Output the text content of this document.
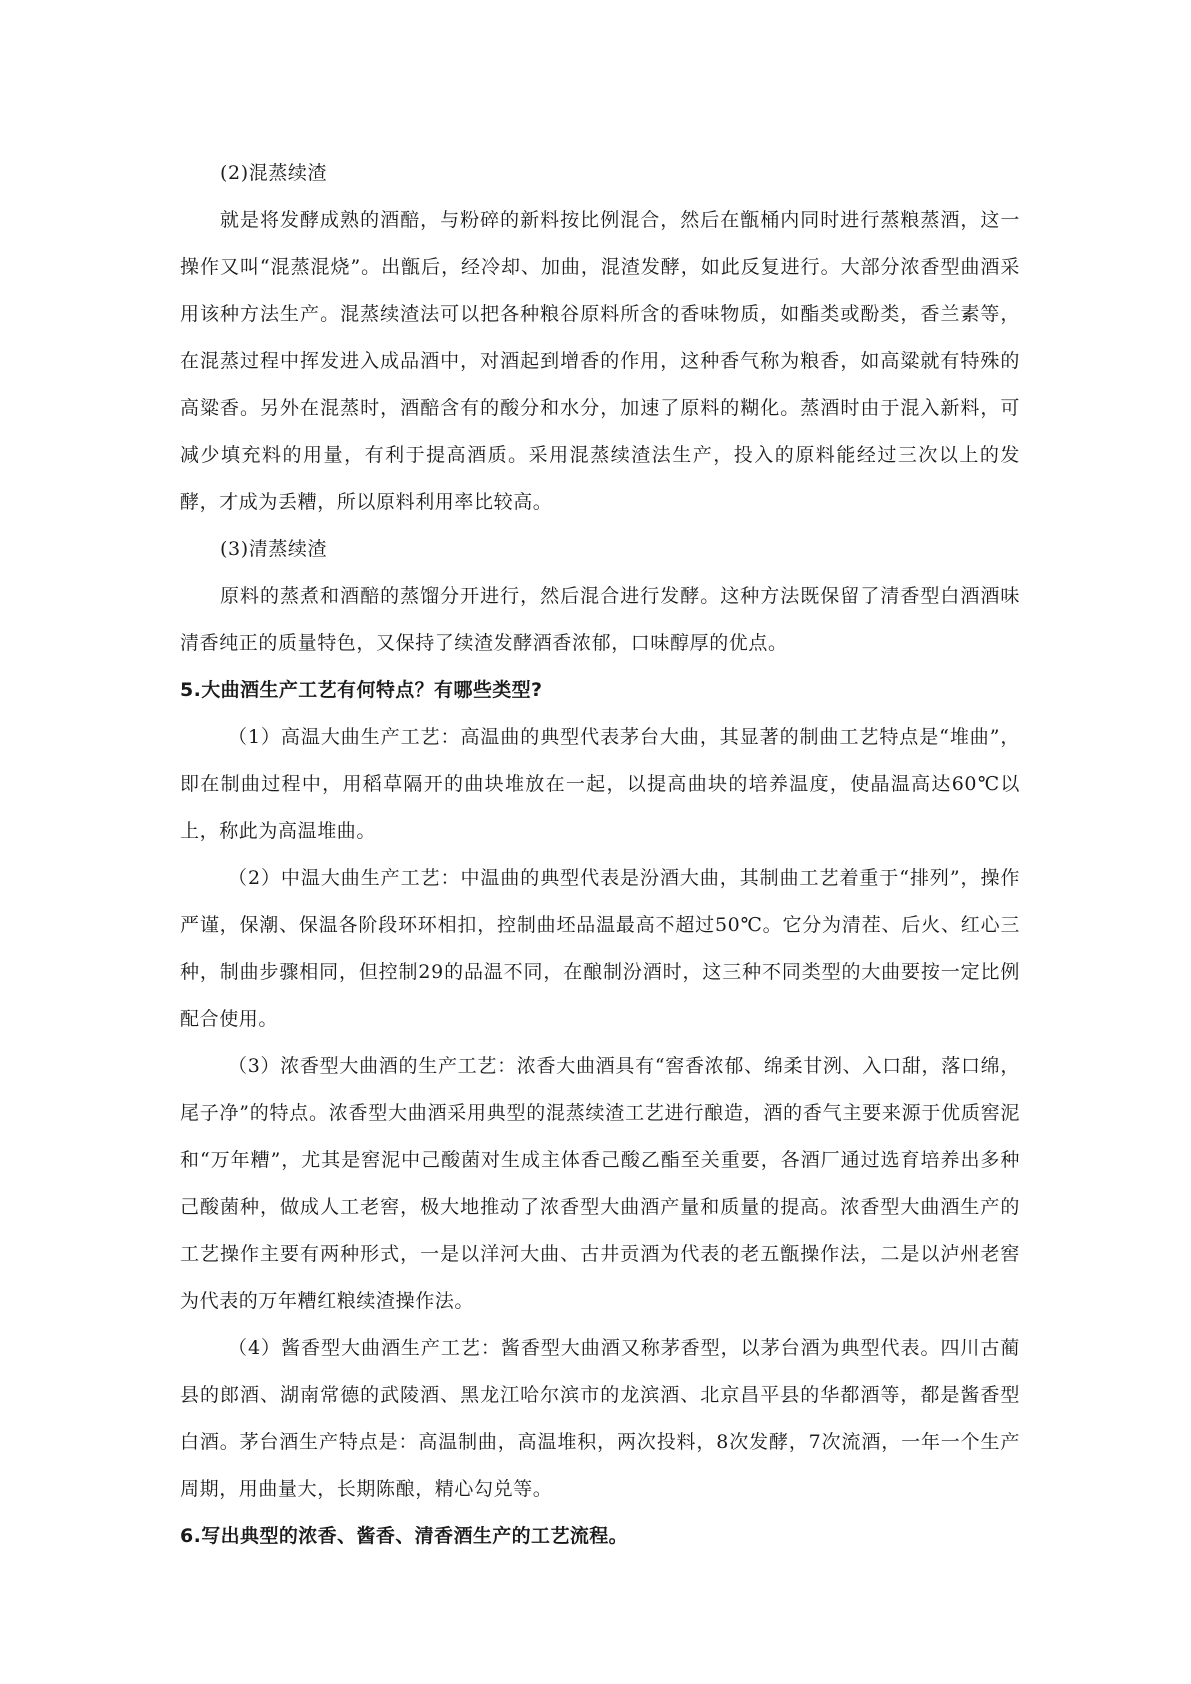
(2)混蒸续渣

就是将发酵成熟的酒醅，与粉碎的新料按比例混合，然后在甑桶内同时进行蒸粮蒸酒，这一操作又叫“混蒸混烧”。出甑后，经冷却、加曲，混渣发酵，如此反复进行。大部分浓香型曲酒采用该种方法生产。混蒸续渣法可以把各种粮谷原料所含的香味物质，如酯类或酚类，香兰素等，在混蒸过程中挥发进入成品酒中，对酒起到增香的作用，这种香气称为粮香，如高粱就有特殊的高粱香。另外在混蒸时，酒醅含有的酸分和水分，加速了原料的糊化。蒸酒时由于混入新料，可减少填充料的用量，有利于提高酒质。采用混蒸续渣法生产，投入的原料能经过三次以上的发酵，才成为丢糟，所以原料利用率比较高。

(3)清蒸续渣

原料的蒸煮和酒醅的蒸馏分开进行，然后混合进行发酵。这种方法既保留了清香型白酒酒味清香纯正的质量特色，又保持了续渣发酵酒香浓郁，口味醇厚的优点。

5.大曲酒生产工艺有何特点？有哪些类型?

（1）高温大曲生产工艺：高温曲的典型代表茅台大曲，其显著的制曲工艺特点是“堆曲”，即在制曲过程中，用稻草隔开的曲块堆放在一起，以提高曲块的培养温度，使晶温高达60℃以上，称此为高温堆曲。

（2）中温大曲生产工艺：中温曲的典型代表是汾酒大曲，其制曲工艺着重于“排列”，操作严谨，保潮、保温各阶段环环相扣，控制曲坯品温最高不超过50℃。它分为清茬、后火、红心三种，制曲步骤相同，但控制29的品温不同，在酿制汾酒时，这三种不同类型的大曲要按一定比例配合使用。

（3）浓香型大曲酒的生产工艺：浓香大曲酒具有“窖香浓郁、绵柔甘洌、入口甜，落口绵，尾子净”的特点。浓香型大曲酒采用典型的混蒸续渣工艺进行酿造，酒的香气主要来源于优质窖泥和“万年糟”，尤其是窖泥中己酸菌对生成主体香己酸乙酯至关重要，各酒厂通过选育培养出多种己酸菌种，做成人工老窖，极大地推动了浓香型大曲酒产量和质量的提高。浓香型大曲酒生产的工艺操作主要有两种形式，一是以洋河大曲、古井贡酒为代表的老五甑操作法，二是以泸州老窖为代表的万年糟红粮续渣操作法。

（4）酱香型大曲酒生产工艺：酱香型大曲酒又称茅香型，以茅台酒为典型代表。四川古蔺县的郎酒、湖南常德的武陵酒、黑龙江哈尔滨市的龙滨酒、北京昌平县的华都酒等，都是酱香型白酒。茅台酒生产特点是：高温制曲，高温堆积，两次投料，8次发酵，7次流酒，一年一个生产周期，用曲量大，长期陈酿，精心勾兑等。

6.写出典型的浓香、酱香、清香酒生产的工艺流程。
